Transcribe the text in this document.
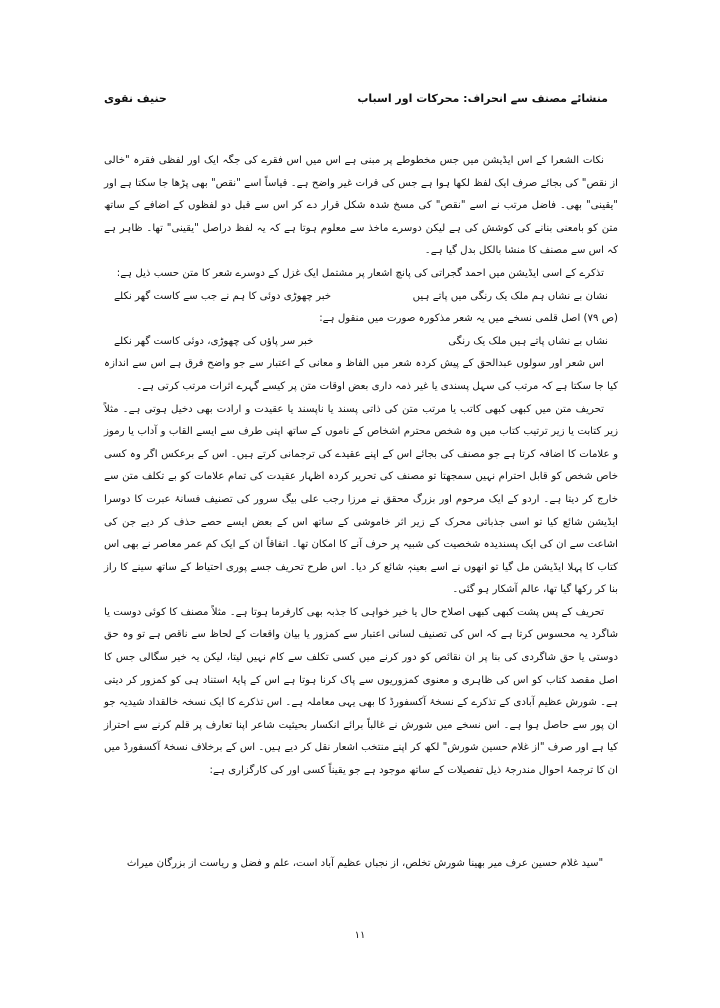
منشائے مصنف سے انحراف: محرکات اور اسباب
حنیف نقوی

نکات الشعرا کے اس ایڈیشن میں جس مخطوطے پر مبنی ہے اس میں اس فقرے کی جگہ ایک اور لفظی فقرہ "خالی از نقص" کی بجائے صرف ایک لفظ لکھا ہوا ہے جس کی قرات غیر واضح ہے۔ قیاساً اسے "نقص" بھی پڑھا جا سکتا ہے اور "یقینی" بھی۔ فاضل مرتب نے اسے "نقص" کی مسخ شدہ شکل قرار دے کر اس سے قبل دو لفظوں کے اضافے کے ساتھ متن کو بامعنی بنانے کی کوشش کی ہے لیکن دوسرے ماخذ سے معلوم ہوتا ہے کہ یہ لفظ دراصل "یقینی" تھا۔ ظاہر ہے کہ اس سے مصنف کا منشا بالکل بدل گیا ہے۔

تذکرے کے اسی ایڈیشن میں احمد گجراتی کی پانچ اشعار پر مشتمل ایک غزل کے دوسرے شعر کا متن حسب ذیل ہے:

نشان بے نشاں ہم ملک یک رنگی میں پاتے ہیں
خبر چھوڑی دوئی کا ہم نے جب سے کاست گھر نکلے

(ص ۷۹) اصل قلمی نسخے میں یہ شعر مذکورہ صورت میں منقول ہے:

نشاں بے نشاں پاتے ہیں ملک یک رنگی
خبر سر پاؤں کی چھوڑی، دوئی کاست گھر نکلے

اس شعر اور سولوں عبدالحق کے پیش کردہ شعر میں الفاظ و معانی کے اعتبار سے جو واضح فرق ہے اس سے اندازہ کیا جا سکتا ہے کہ مرتب کی سہل پسندی یا غیر ذمہ داری بعض اوقات متن پر کیسے گہرے اثرات مرتب کرتی ہے۔

تحریف متن میں کبھی کبھی کاتب یا مرتب متن کی ذاتی پسند یا ناپسند یا عقیدت و ارادت بھی دخیل ہوتی ہے۔ مثلاً زیر کتابت یا زیر ترتیب کتاب میں وہ شخص محترم اشخاص کے ناموں کے ساتھ اپنی طرف سے ایسے القاب و آداب یا رموز و علامات کا اضافہ کرتا ہے جو مصنف کی بجائے اس کے اپنے عقیدے کی ترجمانی کرتے ہیں۔ اس کے برعکس اگر وہ کسی خاص شخص کو قابل احترام نہیں سمجھتا تو مصنف کی تحریر کردہ اظہار عقیدت کی تمام علامات کو بے تکلف متن سے خارج کر دیتا ہے۔ اردو کے ایک مرحوم اور بزرگ محقق نے مرزا رجب علی بیگ سرور کی تصنیف فسانۂ عبرت کا دوسرا ایڈیشن شائع کیا تو اسی جذباتی محرک کے زیر اثر خاموشی کے ساتھ اس کے بعض ایسے حصے حذف کر دیے جن کی اشاعت سے ان کی ایک پسندیدہ شخصیت کی شبیہ پر حرف آنے کا امکان تھا۔ اتفاقاً ان کے ایک کم عمر معاصر نے بھی اس کتاب کا پہلا ایڈیشن مل گیا تو انھوں نے اسے بعینہٖ شائع کر دیا۔ اس طرح تحریف جسے پوری احتیاط کے ساتھ سینے کا راز بنا کر رکھا گیا تھا، عالم آشکار ہو گئی۔

تحریف کے پس پشت کبھی کبھی اصلاح حال یا خیر خواہی کا جذبہ بھی کارفرما ہوتا ہے۔ مثلاً مصنف کا کوئی دوست یا شاگرد یہ محسوس کرتا ہے کہ اس کی تصنیف لسانی اعتبار سے کمزور یا بیان واقعات کے لحاظ سے ناقص ہے تو وہ حق دوستی یا حق شاگردی کی بنا پر ان نقائص کو دور کرنے میں کسی تکلف سے کام نہیں لیتا، لیکن یہ خیر سگالی جس کا اصل مقصد کتاب کو اس کی ظاہری و معنوی کمزوریوں سے پاک کرنا ہوتا ہے اس کے پایۂ استناد ہی کو کمزور کر دیتی ہے۔ شورش عظیم آبادی کے تذکرے کے نسخۂ آکسفورڈ کا بھی یہی معاملہ ہے۔ اس تذکرے کا ایک نسخہ خالقداد شیدیہ جو ان پور سے حاصل ہوا ہے۔ اس نسخے میں شورش نے غالباً برائے انکسار بحیثیت شاعر اپنا تعارف پر قلم کرنے سے احتراز کیا ہے اور صرف "از غلام حسین شورش" لکھ کر اپنے منتخب اشعار نقل کر دیے ہیں۔ اس کے برخلاف نسخۂ آکسفورڈ میں ان کا ترجمۂ احوال مندرجۂ ذیل تفصیلات کے ساتھ موجود ہے جو یقیناً کسی اور کی کارگزاری ہے:

"سید غلام حسین عرف میر بھینا شورش تخلص، از نجباں عظیم آباد است، علم و فضل و ریاست از بزرگان میراث
۱۱
